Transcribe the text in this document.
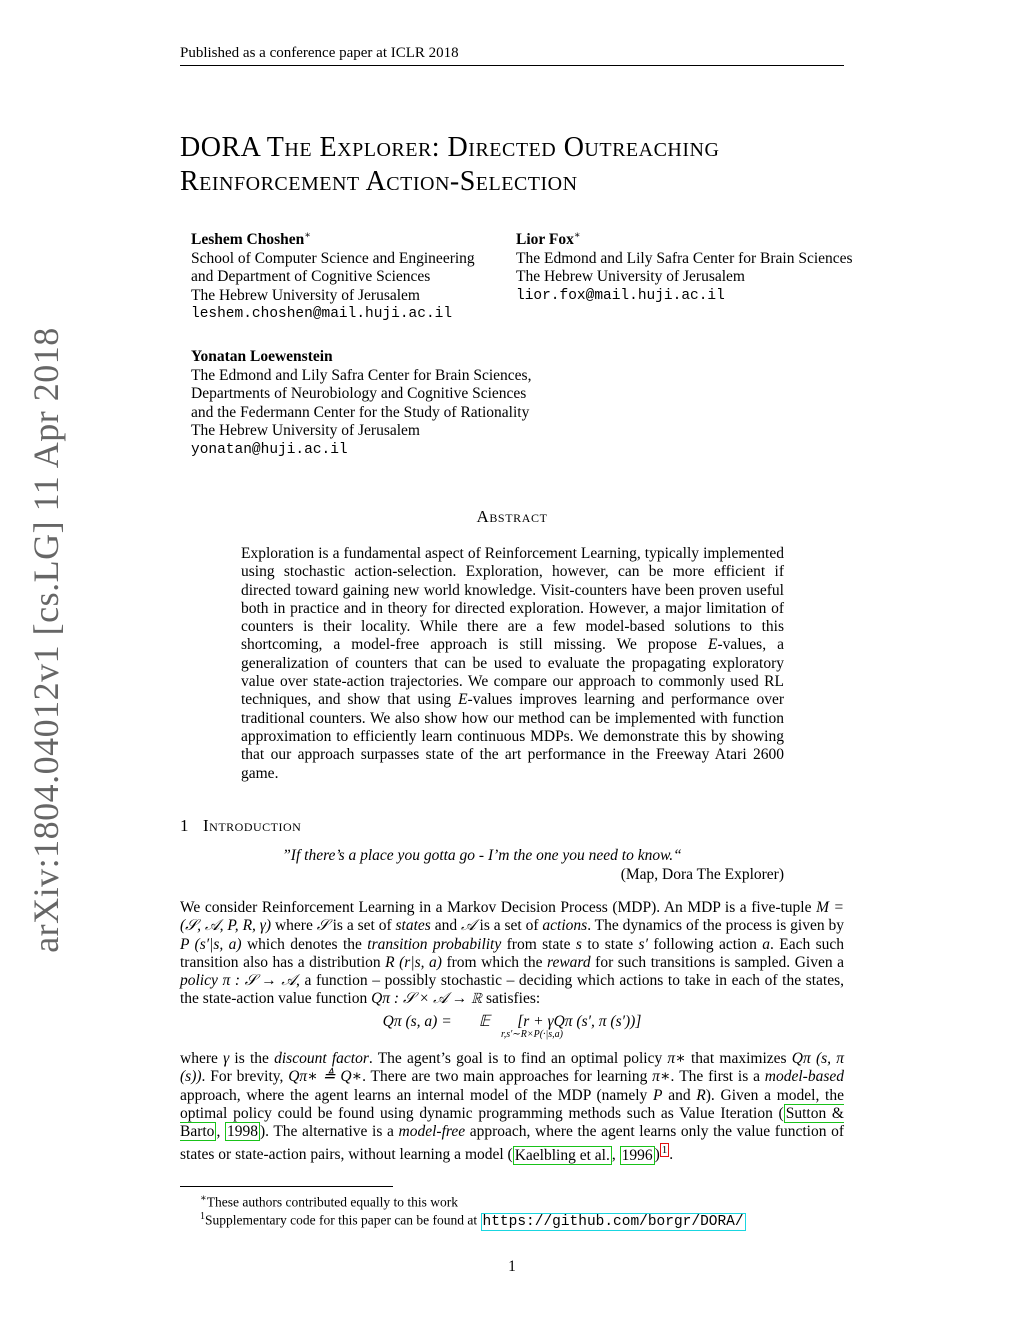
Published as a conference paper at ICLR 2018
arXiv:1804.04012v1 [cs.LG] 11 Apr 2018
DORA The Explorer: Directed Outreaching
Reinforcement Action-Selection
Leshem Choshen∗
School of Computer Science and Engineering
and Department of Cognitive Sciences
The Hebrew University of Jerusalem
leshem.choshen@mail.huji.ac.il
Lior Fox∗
The Edmond and Lily Safra Center for Brain Sciences
The Hebrew University of Jerusalem
lior.fox@mail.huji.ac.il
Yonatan Loewenstein
The Edmond and Lily Safra Center for Brain Sciences,
Departments of Neurobiology and Cognitive Sciences
and the Federmann Center for the Study of Rationality
The Hebrew University of Jerusalem
yonatan@huji.ac.il
Abstract
Exploration is a fundamental aspect of Reinforcement Learning, typically implemented using stochastic action-selection. Exploration, however, can be more efficient if directed toward gaining new world knowledge. Visit-counters have been proven useful both in practice and in theory for directed exploration. However, a major limitation of counters is their locality. While there are a few model-based solutions to this shortcoming, a model-free approach is still missing. We propose E-values, a generalization of counters that can be used to evaluate the propagating exploratory value over state-action trajectories. We compare our approach to commonly used RL techniques, and show that using E-values improves learning and performance over traditional counters. We also show how our method can be implemented with function approximation to efficiently learn continuous MDPs. We demonstrate this by showing that our approach surpasses state of the art performance in the Freeway Atari 2600 game.
1 Introduction
”If there’s a place you gotta go - I’m the one you need to know.“
(Map, Dora The Explorer)
We consider Reinforcement Learning in a Markov Decision Process (MDP). An MDP is a five-tuple M = (𝒮, 𝒜, P, R, γ) where 𝒮 is a set of states and 𝒜 is a set of actions. The dynamics of the process is given by P (s′|s, a) which denotes the transition probability from state s to state s′ following action a. Each such transition also has a distribution R (r|s, a) from which the reward for such transitions is sampled. Given a policy π : 𝒮 → 𝒜, a function – possibly stochastic – deciding which actions to take in each of the states, the state-action value function Qπ : 𝒮 × 𝒜 → ℝ satisfies:
Qπ (s, a) =       𝔼       [r + γQπ (s′, π (s′))]
r,s′∼R×P(·|s,a)
where γ is the discount factor. The agent’s goal is to find an optimal policy π∗ that maximizes Qπ (s, π (s)). For brevity, Qπ∗ ≜ Q∗. There are two main approaches for learning π∗. The first is a model-based approach, where the agent learns an internal model of the MDP (namely P and R). Given a model, the optimal policy could be found using dynamic programming methods such as Value Iteration ( Sutton & Barto , 1998 ). The alternative is a model-free approach, where the agent learns only the value function of states or state-action pairs, without learning a model ( Kaelbling et al. , 1996 ) $^1$ .
∗These authors contributed equally to this work
$^1$Supplementary code for this paper can be found at https://github.com/borgr/DORA/
1
